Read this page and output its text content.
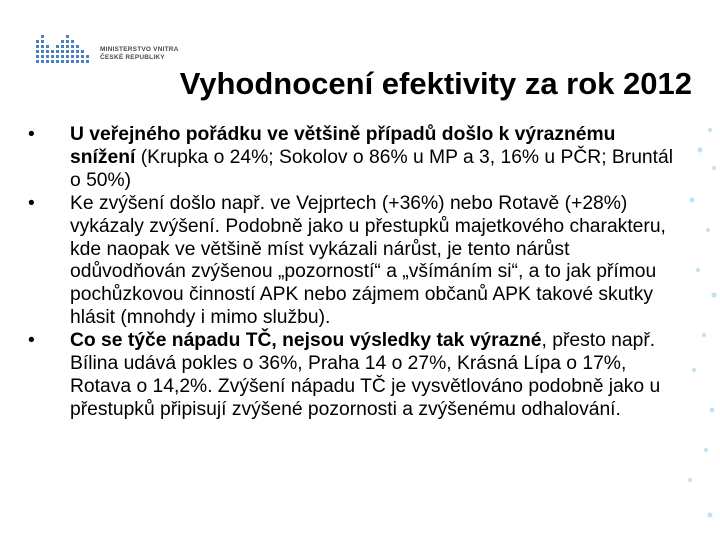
MINISTERSTVO VNITRA
ČESKÉ REPUBLIKY
Vyhodnocení efektivity za rok 2012
• U veřejného pořádku ve většině případů došlo k výraznému snížení (Krupka o 24%; Sokolov o 86% u MP a 3, 16% u PČR; Bruntál o 50%)
• Ke zvýšení došlo např. ve Vejprtech (+36%) nebo Rotavě (+28%) vykázaly zvýšení. Podobně jako u přestupků majetkového charakteru, kde naopak ve většině míst vykázali nárůst, je tento nárůst odůvodňován zvýšenou „pozorností“ a „všímáním si“, a to jak přímou pochůzkovou činností APK nebo zájmem občanů APK takové skutky hlásit (mnohdy i mimo službu).
• Co se týče nápadu TČ, nejsou výsledky tak výrazné, přesto např. Bílina udává pokles o 36%, Praha 14 o 27%, Krásná Lípa o 17%, Rotava o 14,2%. Zvýšení nápadu TČ je vysvětlováno podobně jako u přestupků připisují zvýšené pozornosti a zvýšenému odhalování.
